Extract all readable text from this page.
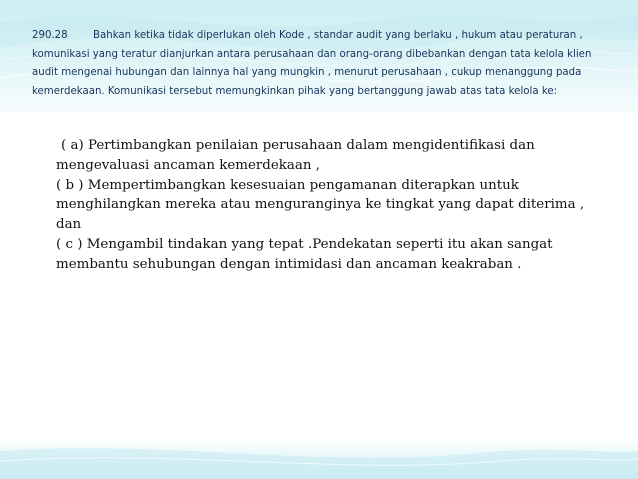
290.28 Bahkan ketika tidak diperlukan oleh Kode , standar audit yang berlaku , hukum atau peraturan , komunikasi yang teratur dianjurkan antara perusahaan dan orang-orang dibebankan dengan tata kelola klien audit mengenai hubungan dan lainnya hal yang mungkin , menurut perusahaan , cukup menanggung pada kemerdekaan. Komunikasi tersebut memungkinkan pihak yang bertanggung jawab atas tata kelola ke:

( a) Pertimbangkan penilaian perusahaan dalam mengidentifikasi dan
mengevaluasi ancaman kemerdekaan ,
( b ) Mempertimbangkan kesesuaian pengamanan diterapkan untuk
menghilangkan mereka atau menguranginya ke tingkat yang dapat diterima ,
dan
( c ) Mengambil tindakan yang tepat .Pendekatan seperti itu akan sangat
membantu sehubungan dengan intimidasi dan ancaman keakraban .
